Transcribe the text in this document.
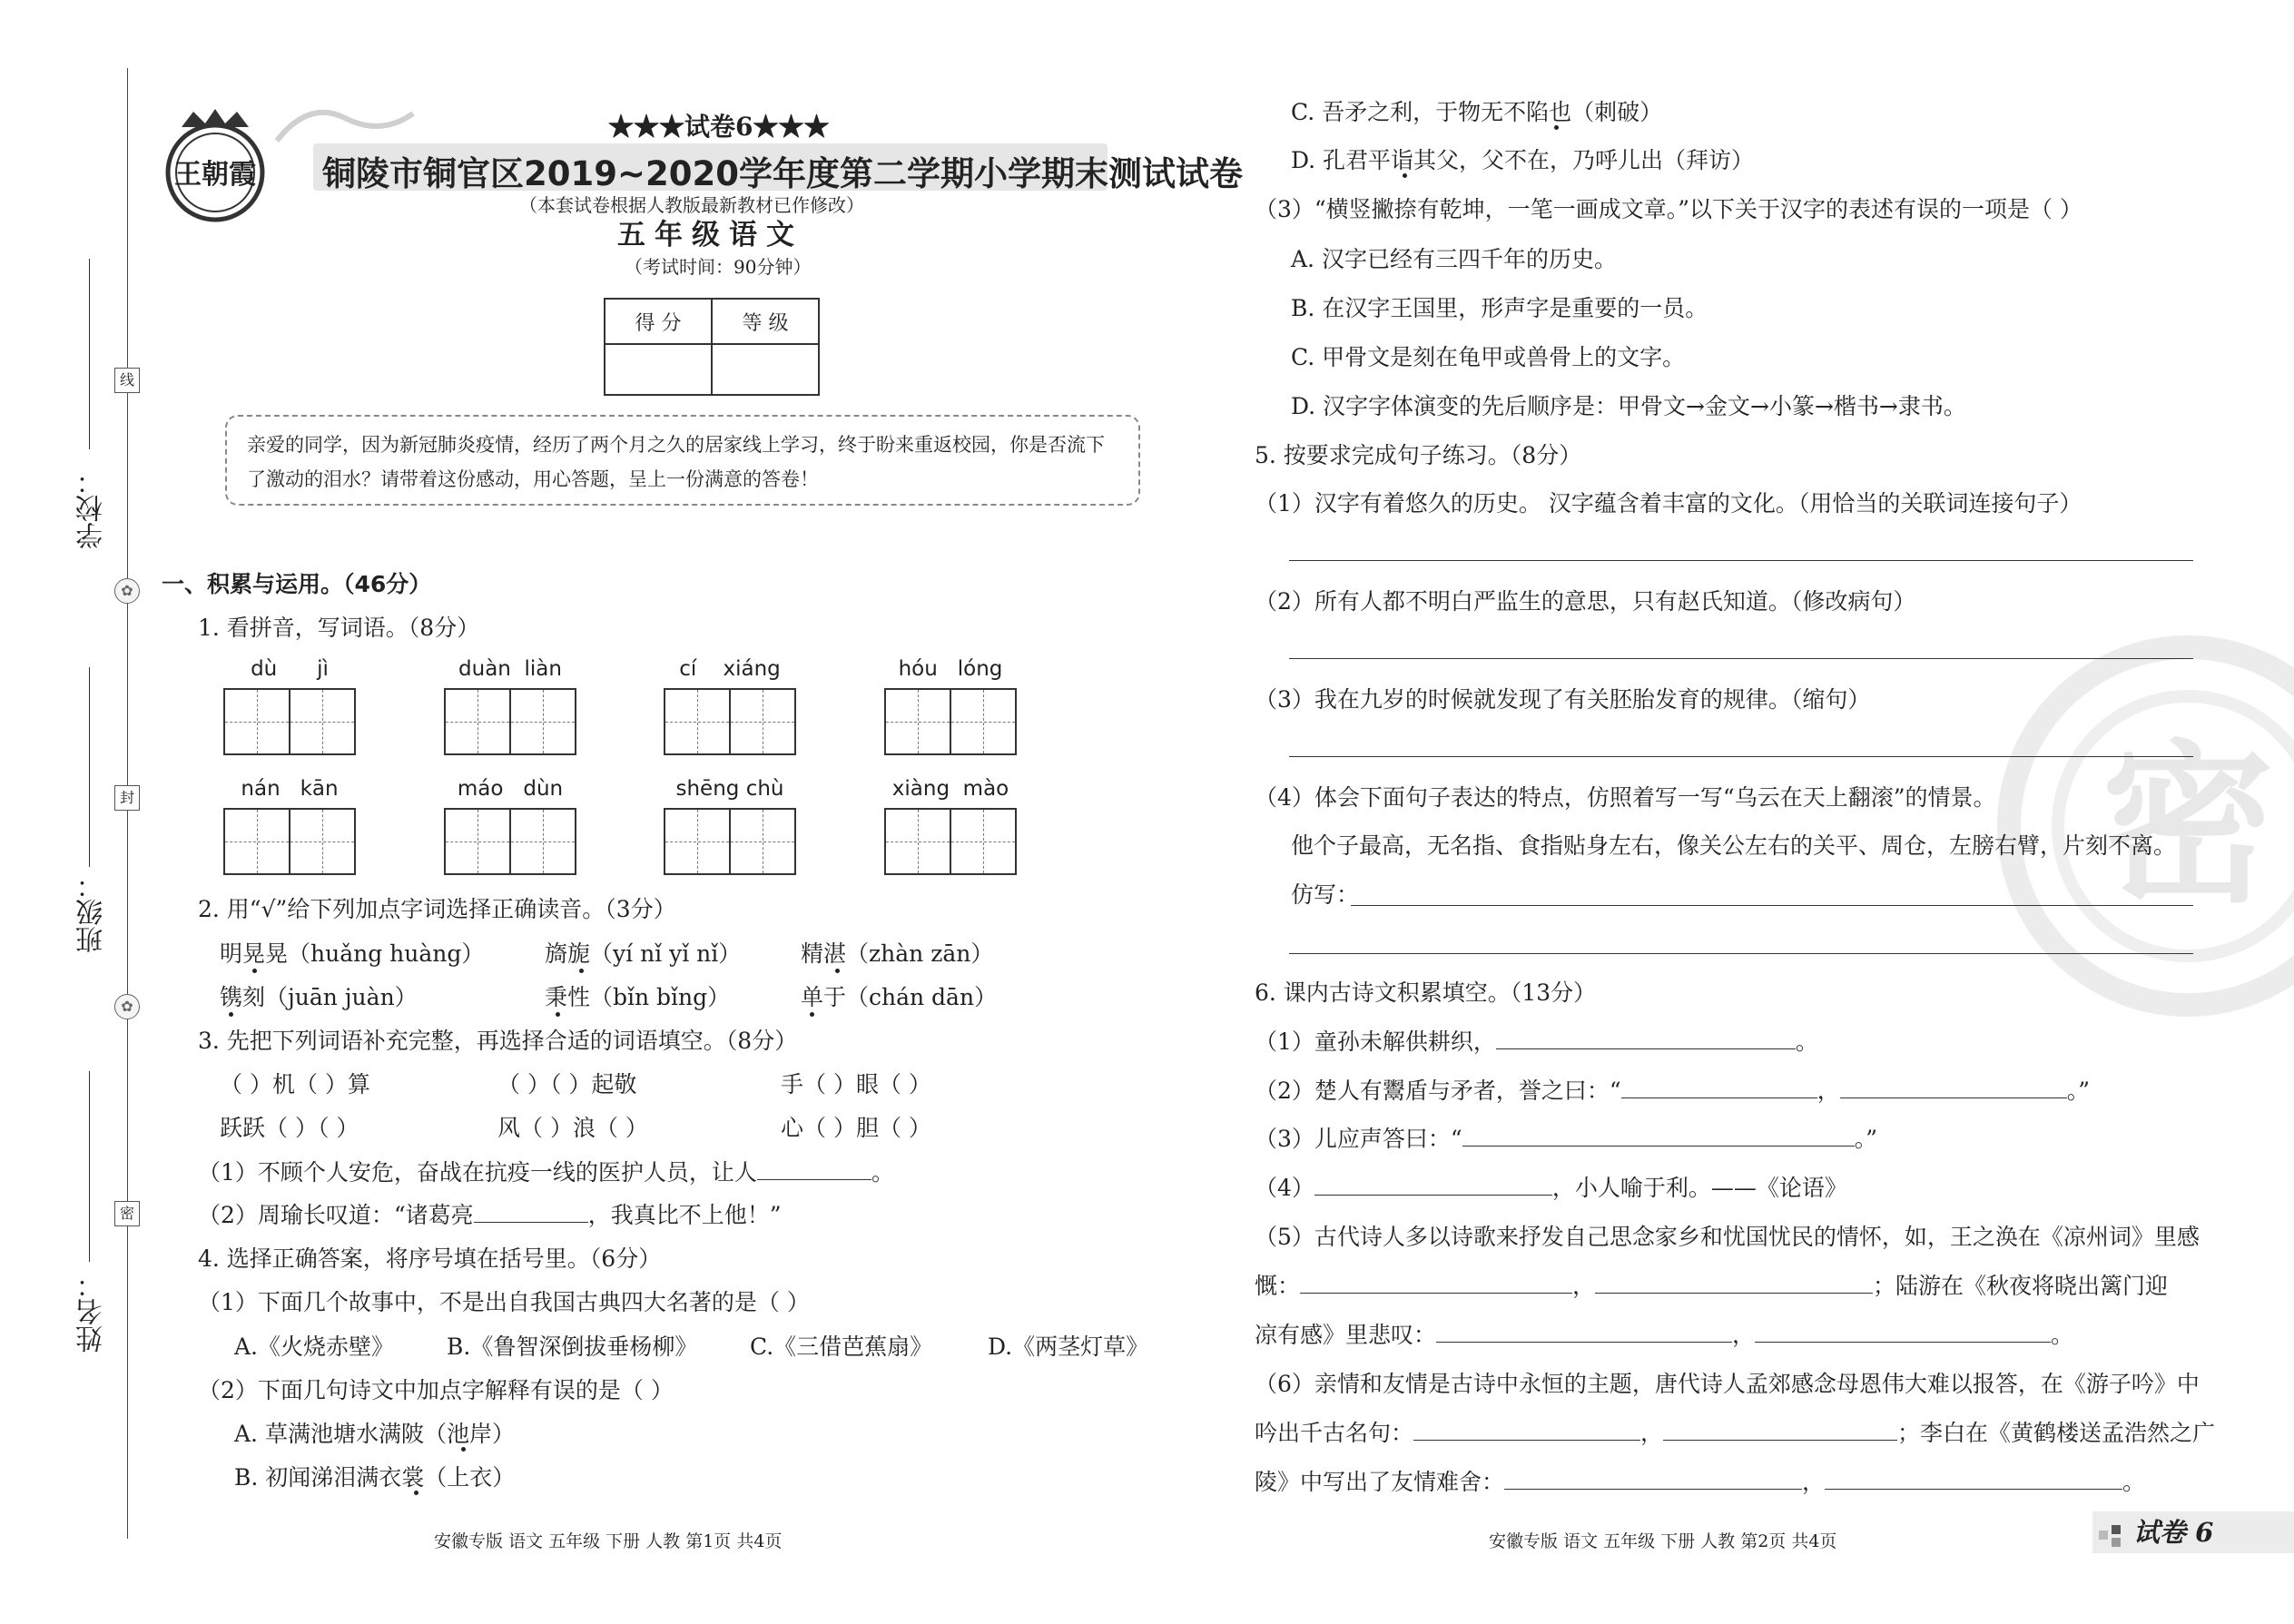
线
封
密
✿
✿
学校：
班级：
姓名：
王朝霞
★★★试卷6★★★
铜陵市铜官区2019~2020学年度第二学期小学期末测试试卷
（本套试卷根据人教版最新教材已作修改）
五年级语文
（考试时间：90分钟）
得 分	等 级

亲爱的同学，因为新冠肺炎疫情，经历了两个月之久的居家线上学习，终于盼来重返校园，你是否流下了激动的泪水？请带着这份感动，用心答题，呈上一份满意的答卷！
一、积累与运用。（46分）
1. 看拼音，写词语。（8分）
dù      jì	duàn  liàn	cí    xiáng	hóu   lóng
nán   kān	máo   dùn	shēng chù	xiàng  mào
2. 用“√”给下列加点字词选择正确读音。（3分）
明晃晃（huǎng huàng）	旖旎（yí nǐ yǐ nǐ）	精湛（zhàn zān）
镌刻（juān juàn）	秉性（bǐn bǐng）	单于（chán dān）
3. 先把下列词语补充完整，再选择合适的词语填空。（8分）
（ ）机（ ）算	（ ）（ ）起敬	手（ ）眼（ ）
跃跃（ ）（ ）	风（ ）浪（ ）	心（ ）胆（ ）
（1）不顾个人安危，奋战在抗疫一线的医护人员，让人	。
（2）周瑜长叹道：“诸葛亮	，我真比不上他！”
4. 选择正确答案，将序号填在括号里。（6分）
（1）下面几个故事中，不是出自我国古典四大名著的是（ ）
A.《火烧赤壁》 B.《鲁智深倒拔垂杨柳》 C.《三借芭蕉扇》 D.《两茎灯草》
（2）下面几句诗文中加点字解释有误的是（ ）
A. 草满池塘水满陂（池岸）
B. 初闻涕泪满衣裳（上衣）
安徽专版 语文 五年级 下册 人教 第1页 共4页
密
C. 吾矛之利，于物无不陷也（刺破）
D. 孔君平诣其父，父不在，乃呼儿出（拜访）
（3）“横竖撇捺有乾坤，一笔一画成文章。”以下关于汉字的表述有误的一项是（ ）
A. 汉字已经有三四千年的历史。
B. 在汉字王国里，形声字是重要的一员。
C. 甲骨文是刻在龟甲或兽骨上的文字。
D. 汉字字体演变的先后顺序是：甲骨文→金文→小篆→楷书→隶书。
5. 按要求完成句子练习。（8分）
（1）汉字有着悠久的历史。 汉字蕴含着丰富的文化。（用恰当的关联词连接句子）
（2）所有人都不明白严监生的意思，只有赵氏知道。（修改病句）
（3）我在九岁的时候就发现了有关胚胎发育的规律。（缩句）
（4）体会下面句子表达的特点，仿照着写一写“乌云在天上翻滚”的情景。
他个子最高，无名指、食指贴身左右，像关公左右的关平、周仓，左膀右臂，片刻不离。
仿写：
6. 课内古诗文积累填空。（13分）
（1）童孙未解供耕织，	。
（2）楚人有鬻盾与矛者，誉之曰：“	，	。”
（3）儿应声答曰：“	。”
（4）	，小人喻于利。——《论语》
（5）古代诗人多以诗歌来抒发自己思念家乡和忧国忧民的情怀，如，王之涣在《凉州词》里感
慨：	，	；陆游在《秋夜将晓出篱门迎
凉有感》里悲叹：	，	。
（6）亲情和友情是古诗中永恒的主题，唐代诗人孟郊感念母恩伟大难以报答，在《游子吟》中
吟出千古名句：	，	；李白在《黄鹤楼送孟浩然之广
陵》中写出了友情难舍：	，	。
安徽专版 语文 五年级 下册 人教 第2页 共4页	试卷 6
